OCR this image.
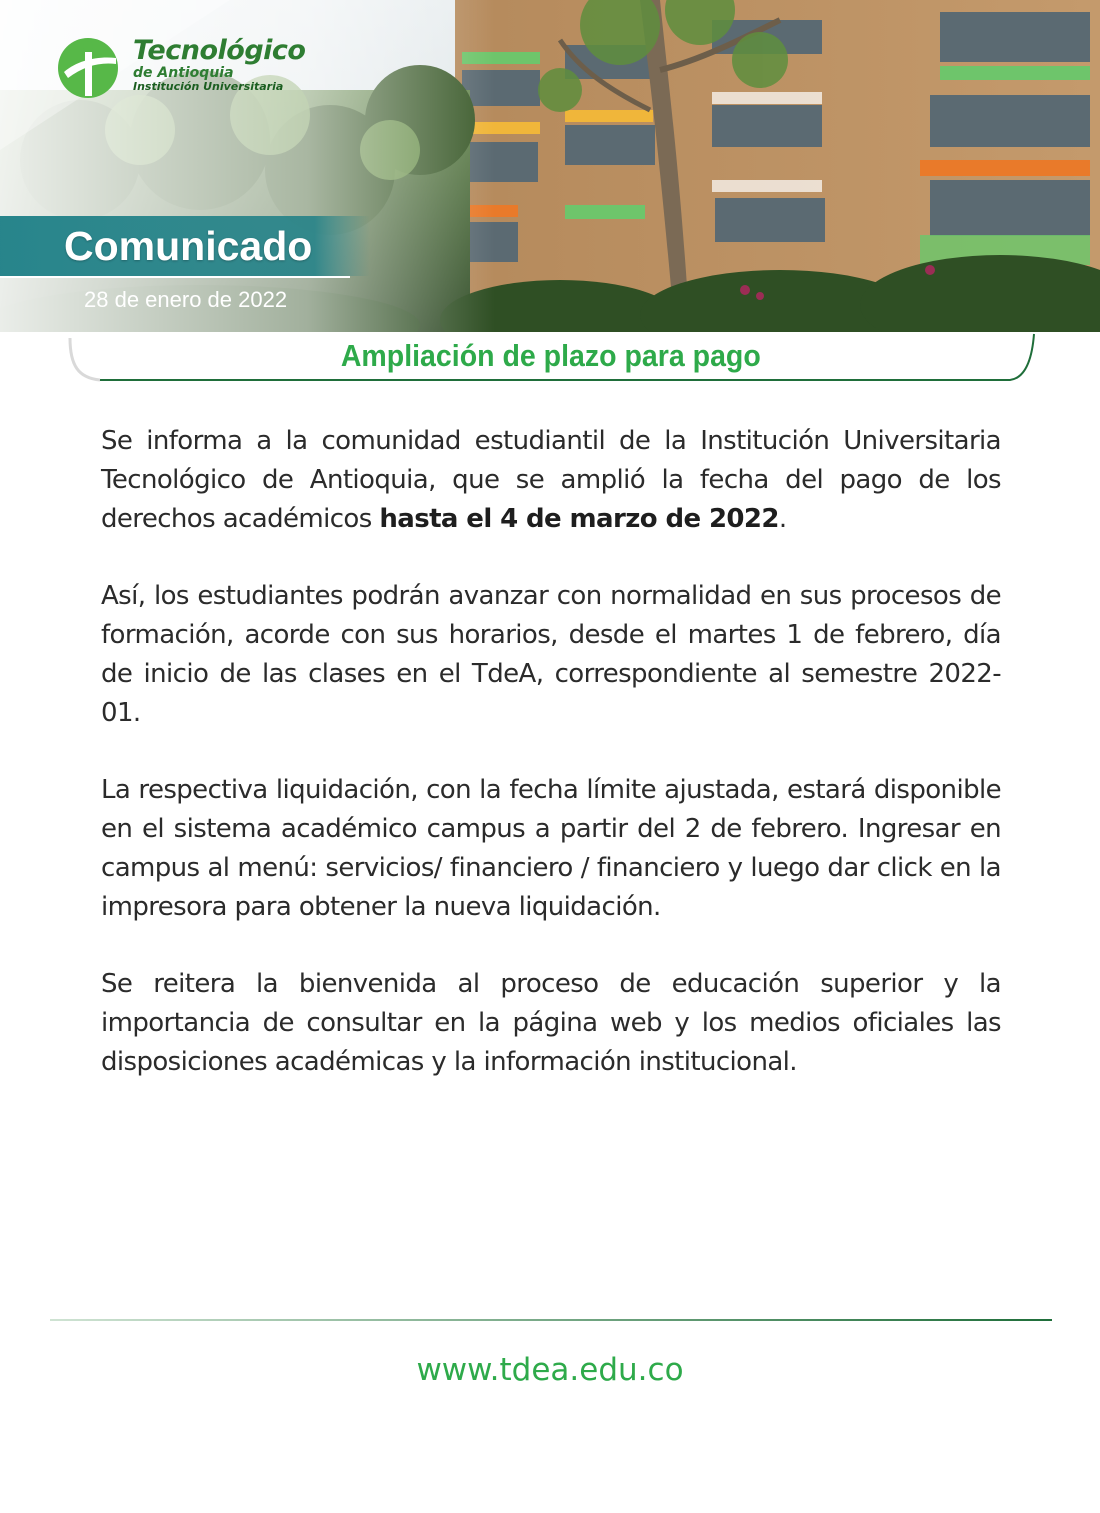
Tecnológico
de Antioquia
Institución Universitaria
Comunicado
28 de enero de 2022
Ampliación de plazo para pago

Se informa a la comunidad estudiantil de la Institución Universitaria Tecnológico de Antioquia, que se amplió la fecha del pago de los derechos académicos hasta el 4 de marzo de 2022.

Así, los estudiantes podrán avanzar con normalidad en sus procesos de formación, acorde con sus horarios, desde el martes 1 de febrero, día de inicio de las clases en el TdeA, correspondiente al semestre 2022-01.

La respectiva liquidación, con la fecha límite ajustada, estará disponible en el sistema académico campus a partir del 2 de febrero. Ingresar en campus al menú: servicios/ financiero / financiero y luego dar click en la impresora para obtener la nueva liquidación.

Se reitera la bienvenida al proceso de educación superior y la importancia de consultar en la página web y los medios oficiales las disposiciones académicas y la información institucional.

www.tdea.edu.co
